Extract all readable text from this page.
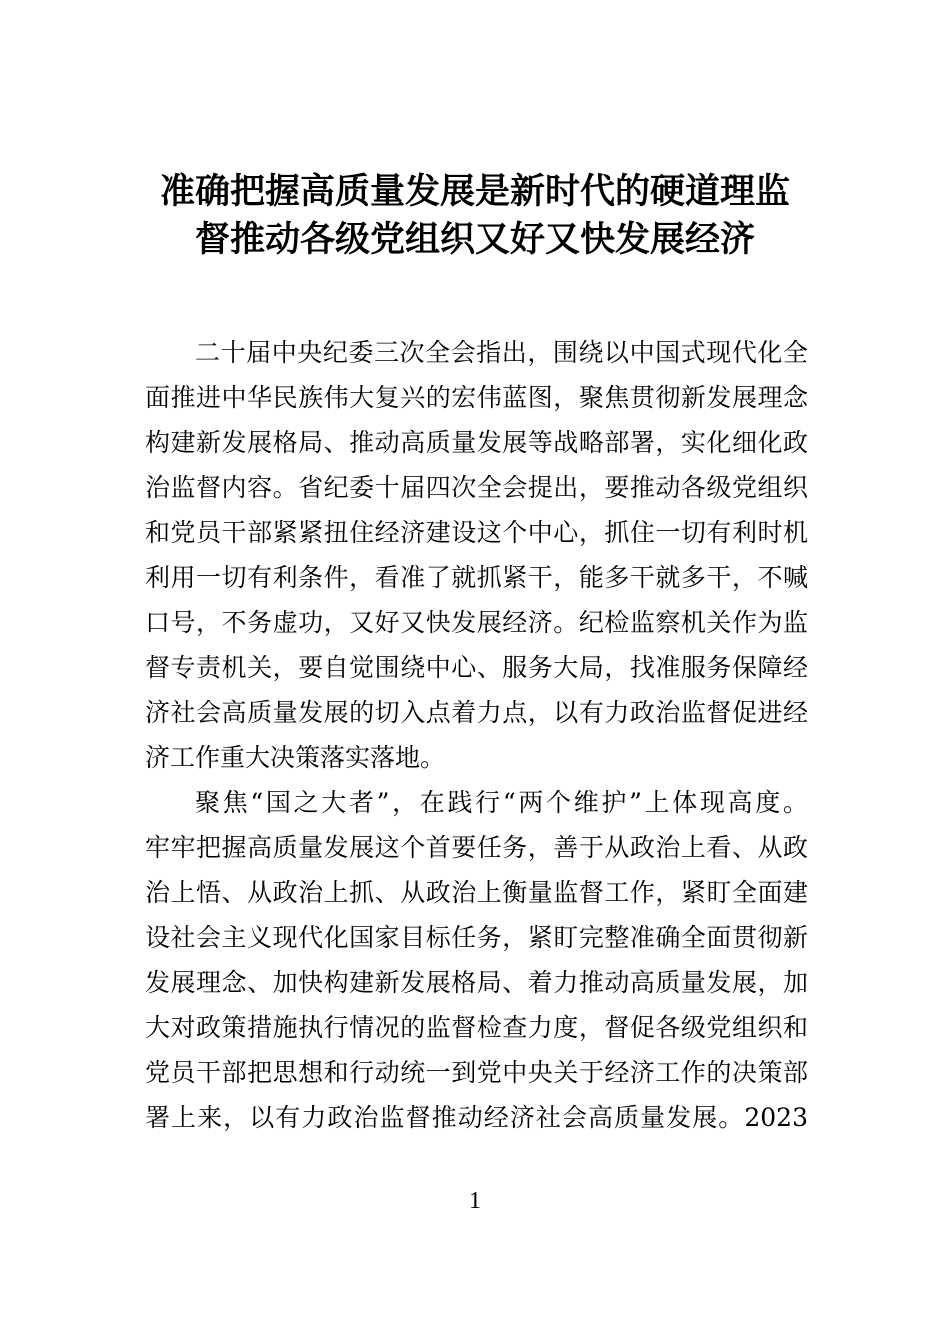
准确把握高质量发展是新时代的硬道理监
督推动各级党组织又好又快发展经济
二十届中央纪委三次全会指出，围绕以中国式现代化全
面推进中华民族伟大复兴的宏伟蓝图，聚焦贯彻新发展理念
构建新发展格局、推动高质量发展等战略部署，实化细化政
治监督内容。省纪委十届四次全会提出，要推动各级党组织
和党员干部紧紧扭住经济建设这个中心，抓住一切有利时机
利用一切有利条件，看准了就抓紧干，能多干就多干，不喊
口号，不务虚功，又好又快发展经济。纪检监察机关作为监
督专责机关，要自觉围绕中心、服务大局，找准服务保障经
济社会高质量发展的切入点着力点，以有力政治监督促进经
济工作重大决策落实落地。
聚焦“国之大者”，在践行“两个维护”上体现高度。
牢牢把握高质量发展这个首要任务，善于从政治上看、从政
治上悟、从政治上抓、从政治上衡量监督工作，紧盯全面建
设社会主义现代化国家目标任务，紧盯完整准确全面贯彻新
发展理念、加快构建新发展格局、着力推动高质量发展，加
大对政策措施执行情况的监督检查力度，督促各级党组织和
党员干部把思想和行动统一到党中央关于经济工作的决策部
署上来，以有力政治监督推动经济社会高质量发展。2023
1
